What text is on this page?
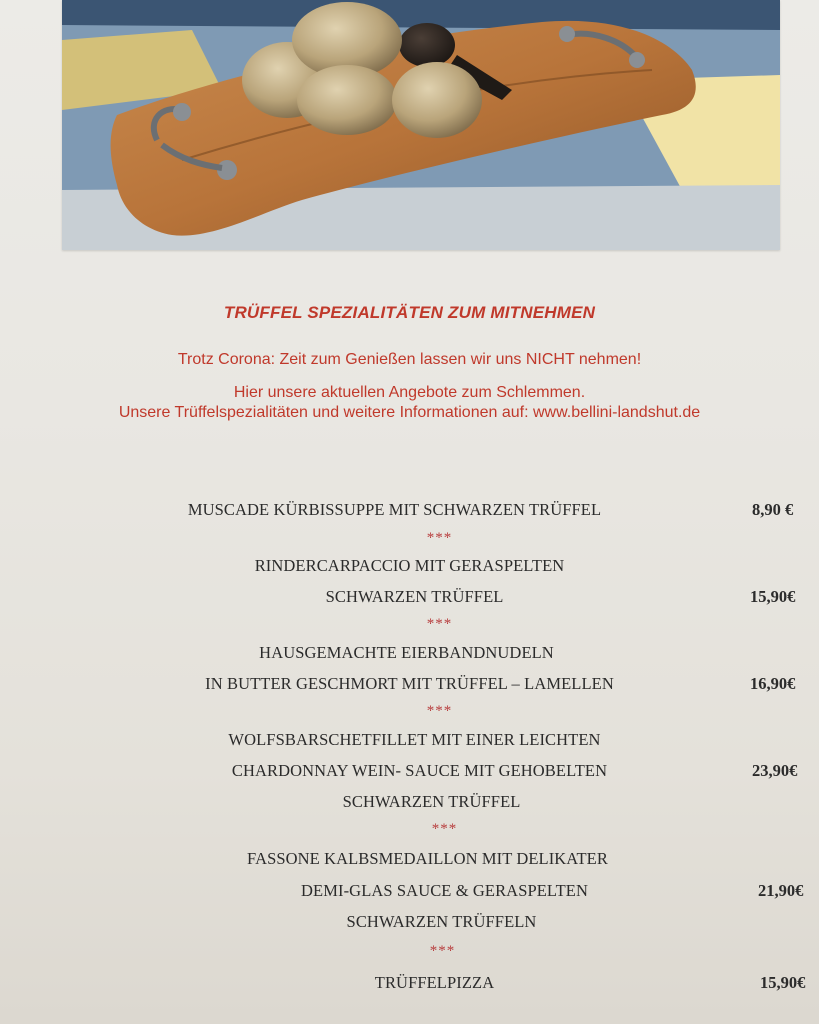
TRÜFFEL SPEZIALITÄTEN ZUM MITNEHMEN

Trotz Corona: Zeit zum Genießen lassen wir uns NICHT nehmen!

Hier unsere aktuellen Angebote zum Schlemmen.

Unsere Trüffelspezialitäten und weitere Informationen auf: www.bellini-landshut.de

MUSCADE KÜRBISSUPPE MIT SCHWARZEN TRÜFFEL	8,90 €

***

RINDERCARPACCIO MIT GERASPELTEN

SCHWARZEN TRÜFFEL	15,90€

***

HAUSGEMACHTE EIERBANDNUDELN

IN BUTTER GESCHMORT MIT TRÜFFEL – LAMELLEN	16,90€

***

WOLFSBARSCHETFILLET MIT EINER LEICHTEN

CHARDONNAY WEIN- SAUCE MIT GEHOBELTEN	23,90€

SCHWARZEN TRÜFFEL

***

FASSONE KALBSMEDAILLON MIT DELIKATER

DEMI-GLAS SAUCE & GERASPELTEN	21,90€

SCHWARZEN TRÜFFELN

***

TRÜFFELPIZZA	15,90€
